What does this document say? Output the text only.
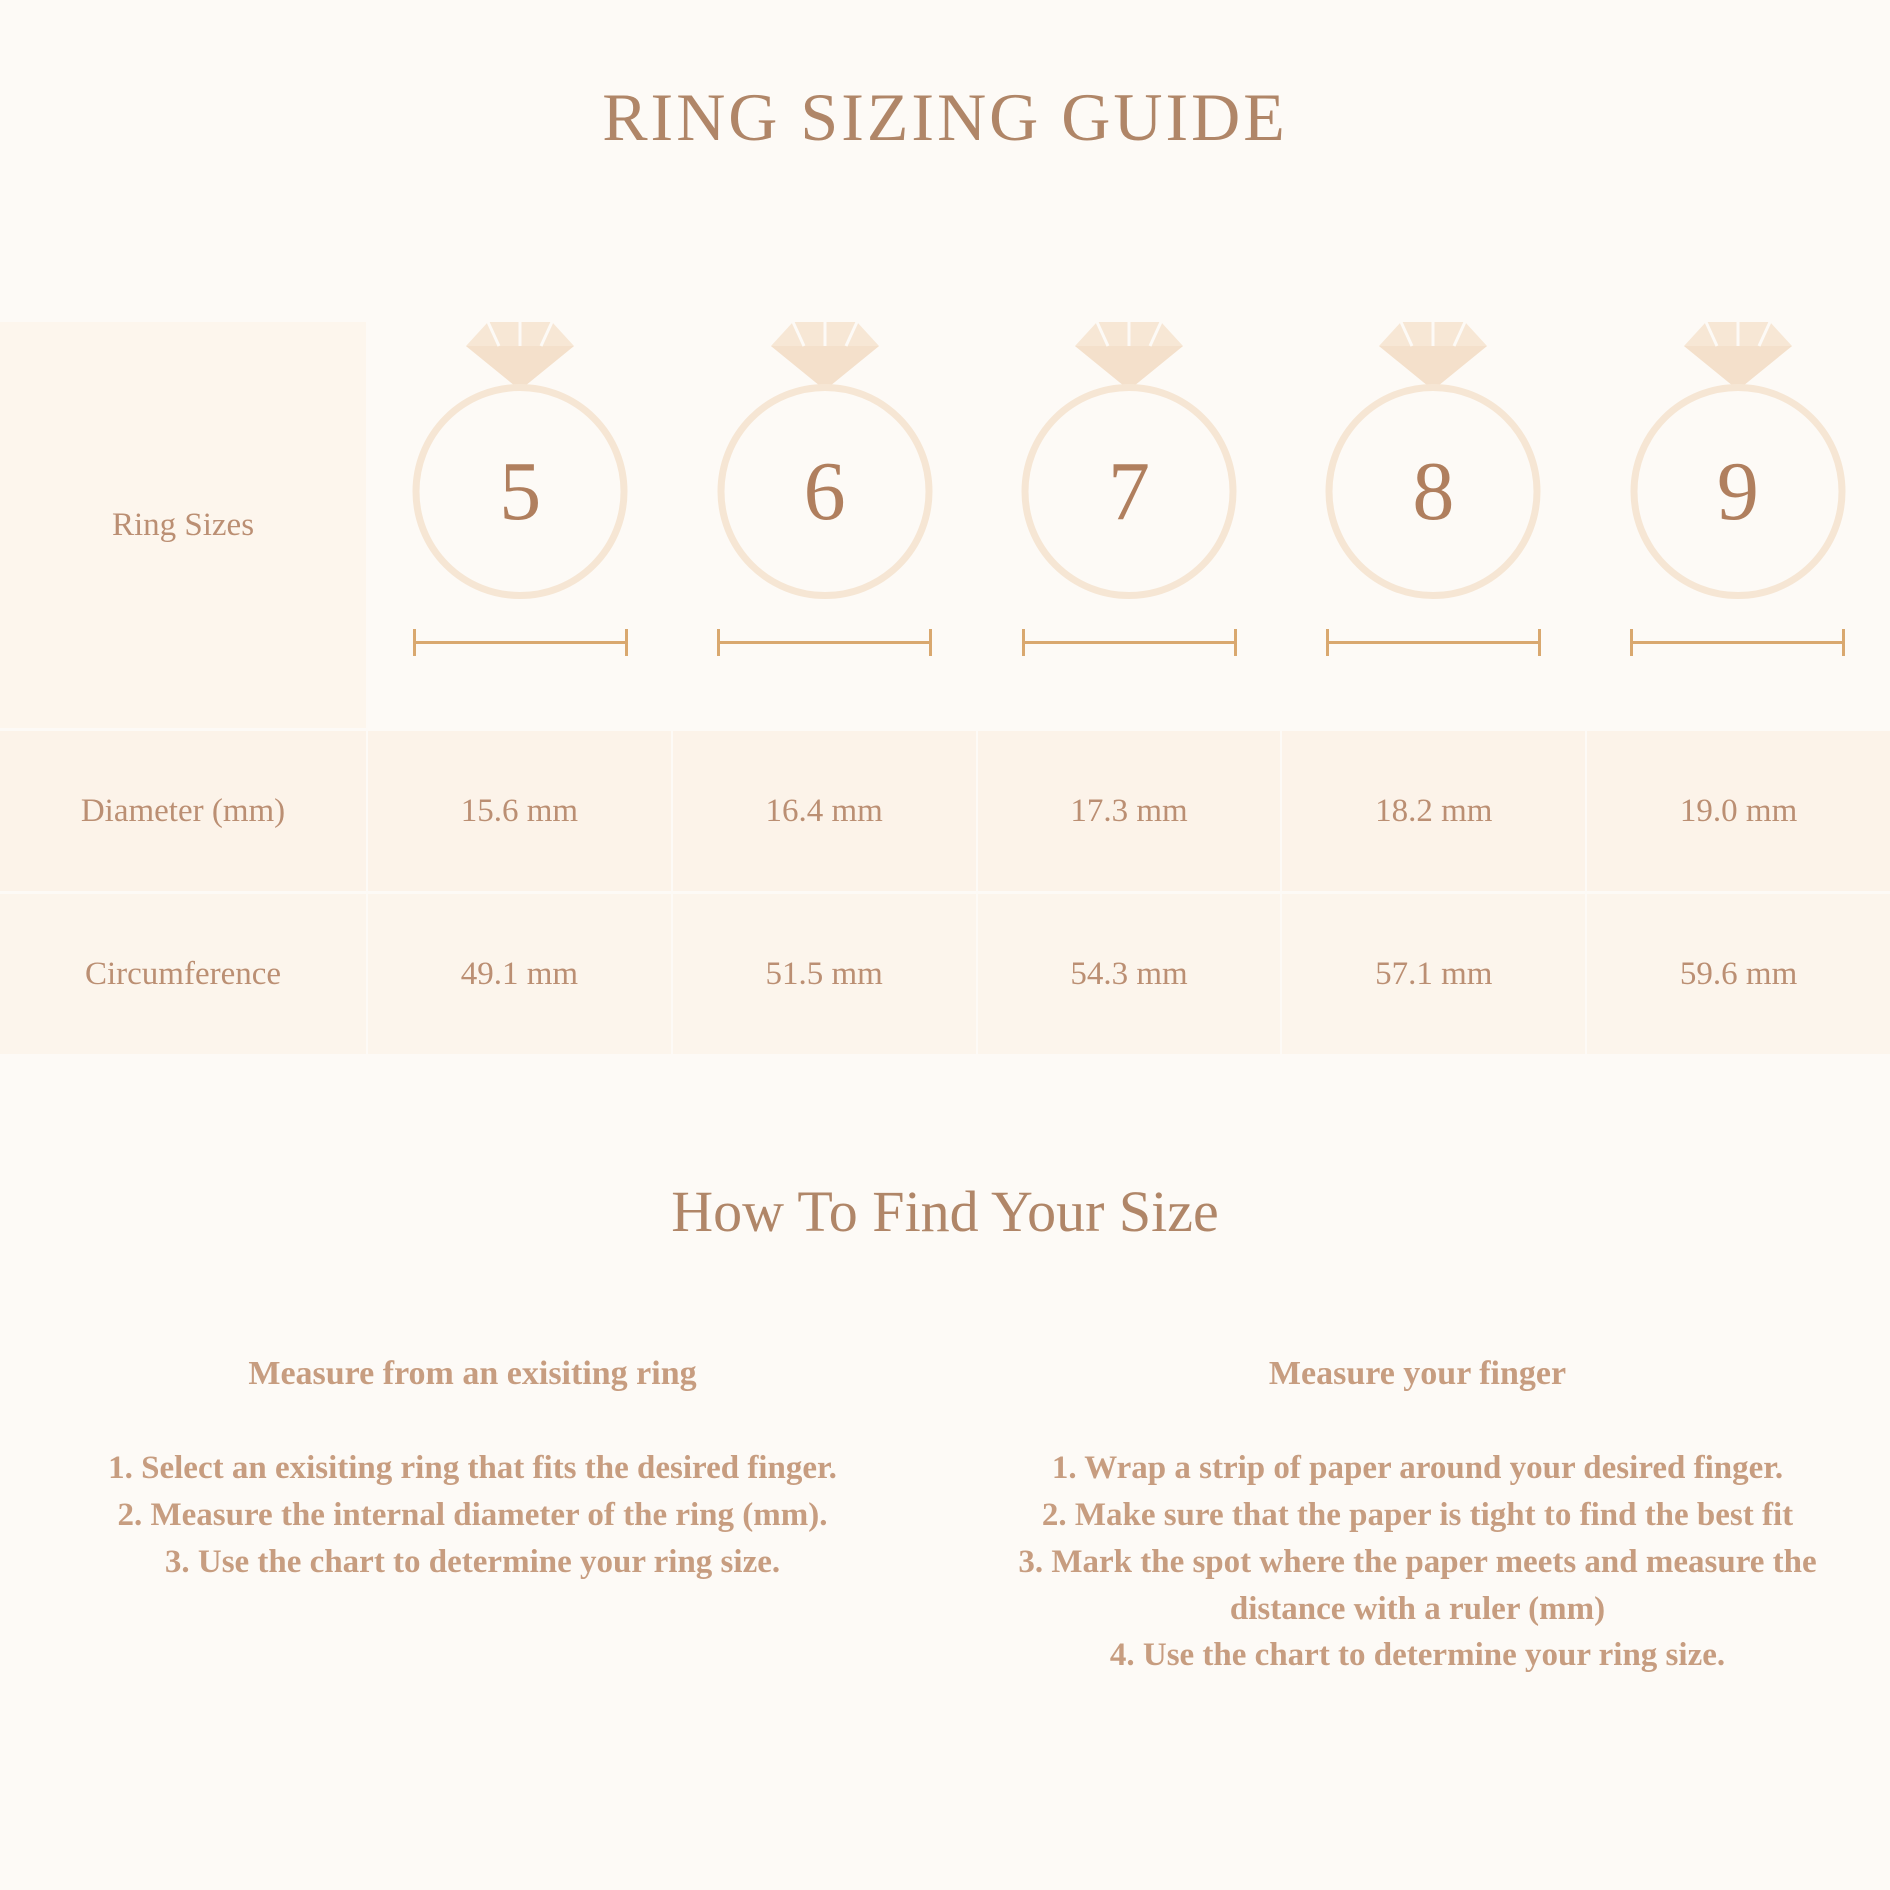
RING SIZING GUIDE
Ring Sizes	5	6	7	8	9
Diameter (mm)	15.6 mm	16.4 mm	17.3 mm	18.2 mm	19.0 mm
Circumference	49.1 mm	51.5 mm	54.3 mm	57.1 mm	59.6 mm
How To Find Your Size
Measure from an exisiting ring
1. Select an exisiting ring that fits the desired finger.
2. Measure the internal diameter of the ring (mm).
3. Use the chart to determine your ring size.
Measure your finger
1. Wrap a strip of paper around your desired finger.
2. Make sure that the paper is tight to find the best fit
3. Mark the spot where the paper meets and measure the distance with a ruler (mm)
4. Use the chart to determine your ring size.
